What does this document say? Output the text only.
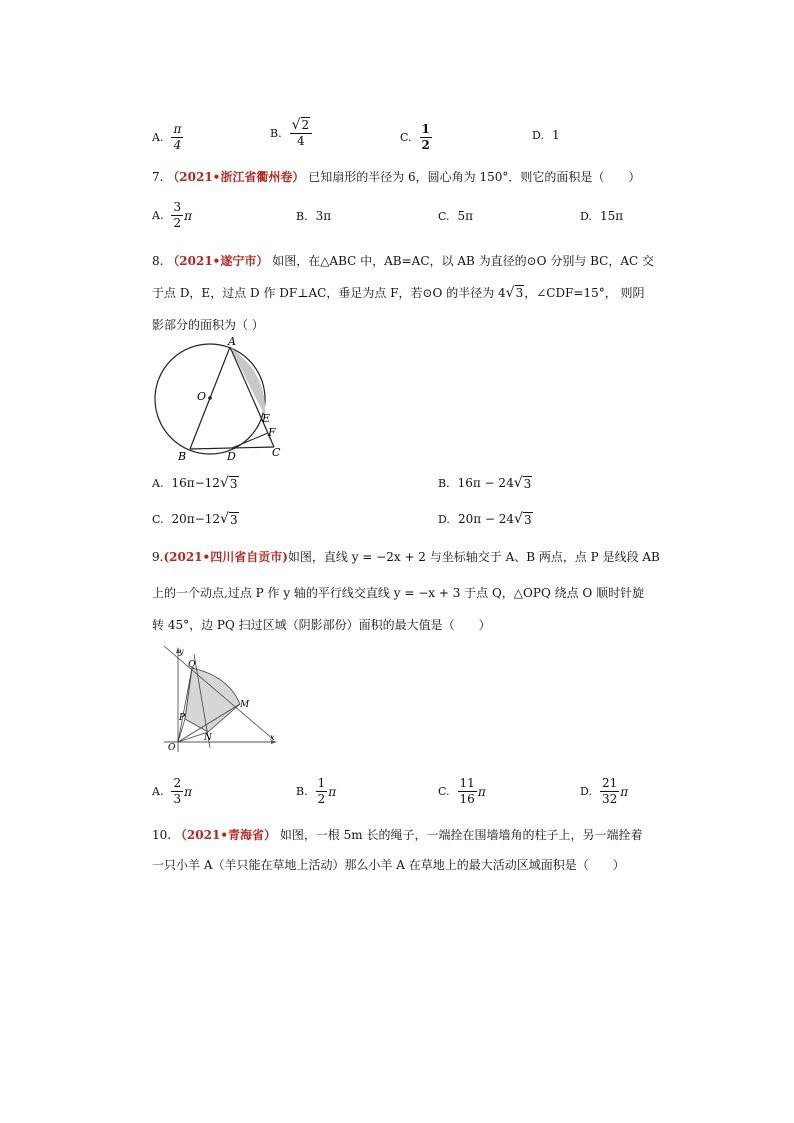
A. $\frac{\pi}{4}$	B. $\frac{√2}{4}$	C. $\frac{1}{2}$	D. 1
7. （2021•浙江省衢州卷） 已知扇形的半径为 6，圆心角为 150°．则它的面积是（　　）
A. $\frac{3}{2}$ π	B. 3π	C. 5π	D. 15π
8. （2021•遂宁市） 如图，在△ABC 中，AB=AC，以 AB 为直径的⊙O 分别与 BC，AC 交
于点 D，E，过点 D 作 DF⊥AC，垂足为点 F，若⊙O 的半径为 4√3，∠CDF=15°， 则阴
影部分的面积为（ ）
A
O
E
F
B	D	C
A. 16π−12 √ 3	B. 16π − 24 √ 3
C. 20π−12 √ 3	D. 20π − 24 √ 3
9.(2021•四川省自贡市)如图，直线 y = −2x + 2 与坐标轴交于 A、B 两点，点 P 是线段 AB
上的一个动点,过点 P 作 y 轴的平行线交直线 y = −x + 3 于点 Q，△OPQ 绕点 O 顺时针旋
转 45°，边 PQ 扫过区域（阴影部份）面积的最大值是（　　）
y
Q
M
P
N
O
x
A. $\frac{2}{3}$ π	B. $\frac{1}{2}$ π	C. $\frac{11}{16}$ π	D. $\frac{21}{32}$ π
10. （2021•青海省） 如图，一根 5m 长的绳子，一端拴在围墙墙角的柱子上，另一端拴着
一只小羊 A（羊只能在草地上活动）那么小羊 A 在草地上的最大活动区域面积是（　　）
